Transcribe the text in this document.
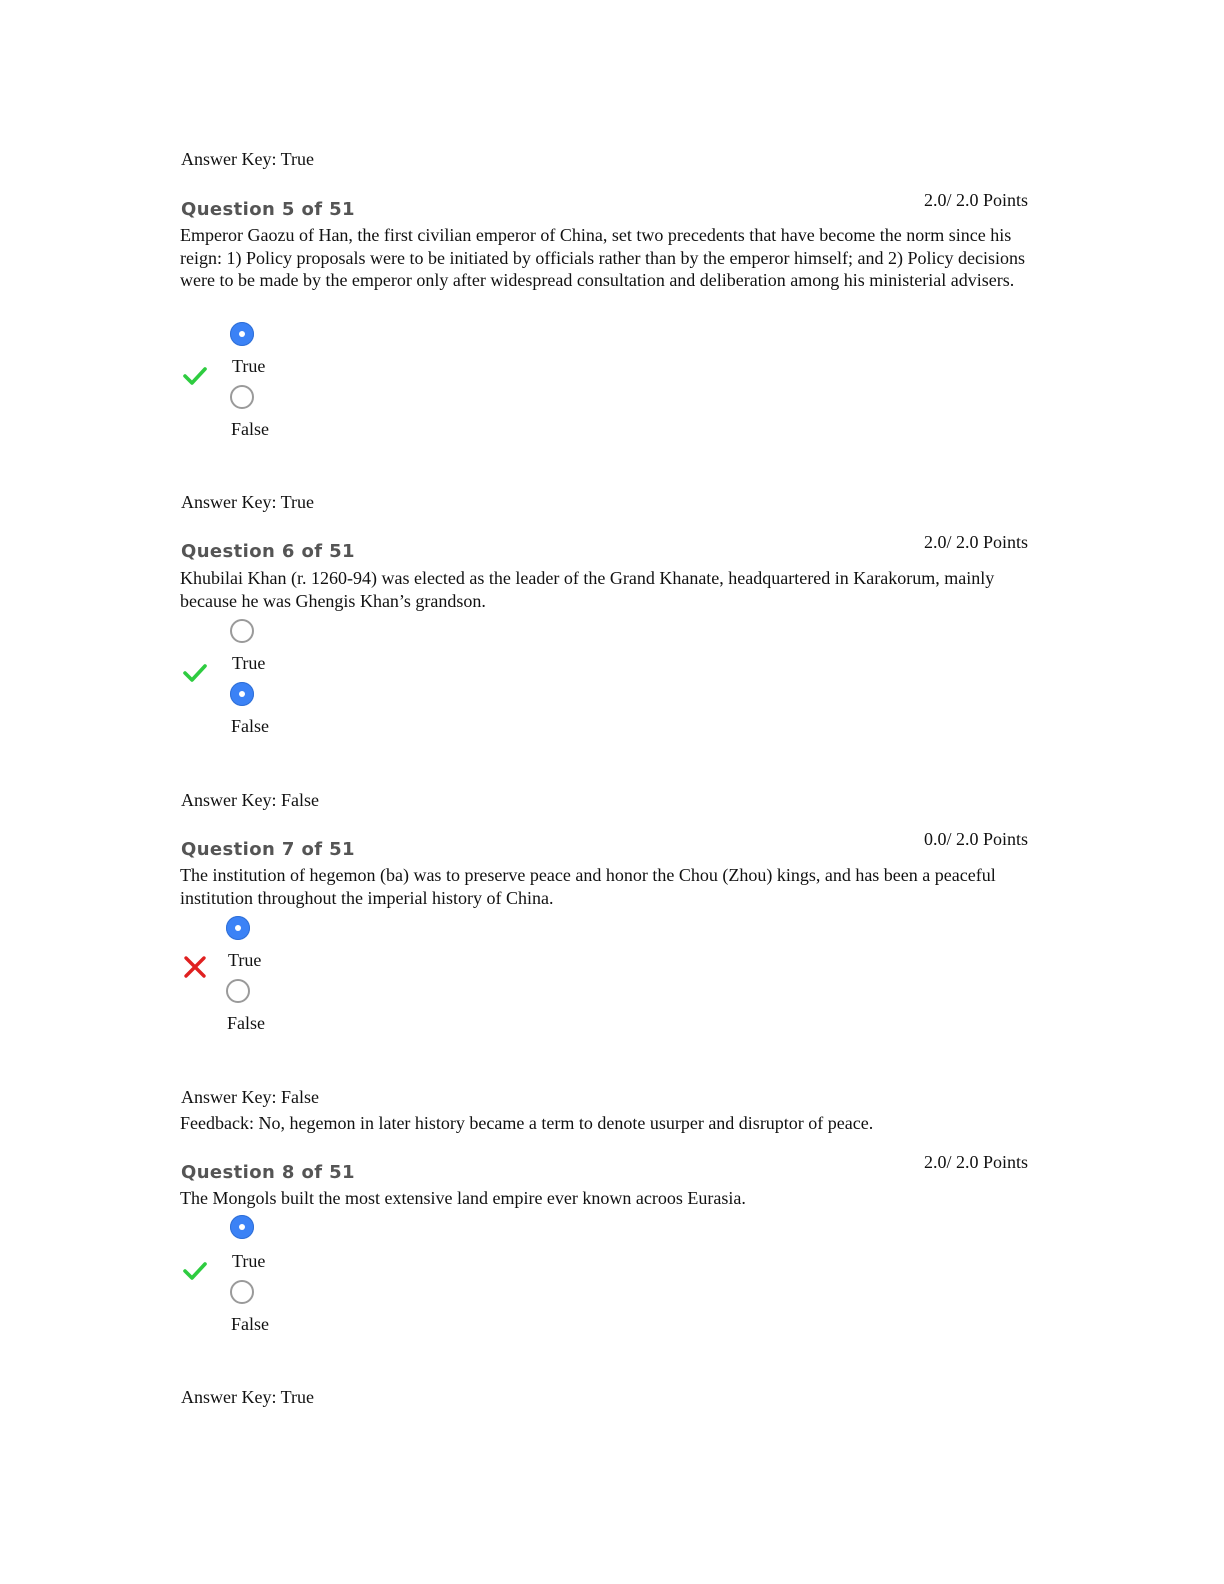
Answer Key: True
Question 5 of 51	2.0/ 2.0 Points
Emperor Gaozu of Han, the first civilian emperor of China, set two precedents that have become the norm since his reign: 1) Policy proposals were to be initiated by officials rather than by the emperor himself; and 2) Policy decisions were to be made by the emperor only after widespread consultation and deliberation among his ministerial advisers.
True
False
Answer Key: True
Question 6 of 51	2.0/ 2.0 Points
Khubilai Khan (r. 1260-94) was elected as the leader of the Grand Khanate, headquartered in Karakorum, mainly because he was Ghengis Khan’s grandson.
True
False
Answer Key: False
Question 7 of 51	0.0/ 2.0 Points
The institution of hegemon (ba) was to preserve peace and honor the Chou (Zhou) kings, and has been a peaceful institution throughout the imperial history of China.
True
False
Answer Key: False
Feedback: No, hegemon in later history became a term to denote usurper and disruptor of peace.
Question 8 of 51	2.0/ 2.0 Points
The Mongols built the most extensive land empire ever known acroos Eurasia.
True
False
Answer Key: True
